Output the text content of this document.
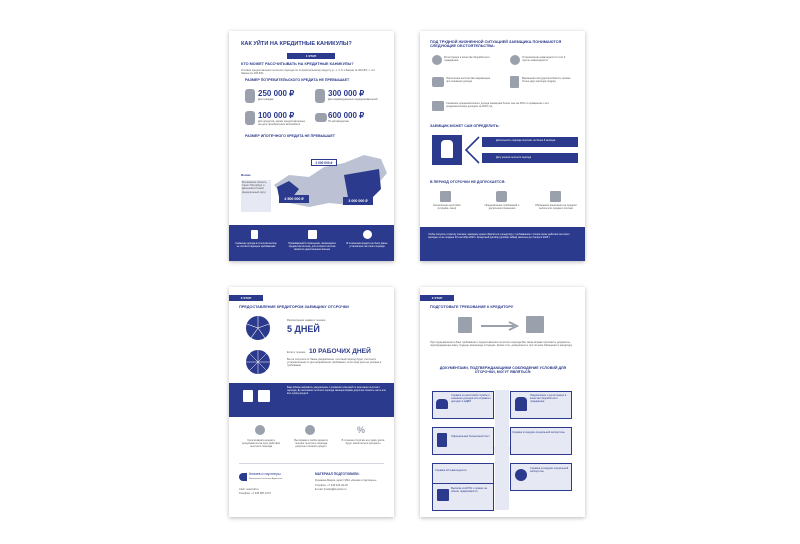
КАК УЙТИ НА КРЕДИТНЫЕ КАНИКУЛЫ?
1 ЭТАП
КТО МОЖЕТ РАССЧИТЫВАТЬ НА КРЕДИТНЫЕ КАНИКУЛЫ?
Условия предоставления льготного периода по потребительскому кредиту (ч. 1, 4, 6.1 Закона № 353-ФЗ; ч. 4.2 Закона № 106-ФЗ)
РАЗМЕР ПОТРЕБИТЕЛЬСКОГО КРЕДИТА НЕ ПРЕВЫШАЕТ
250 000 ₽
Для граждан
300 000 ₽
Для индивидуальных предпринимателей
100 000 ₽
Для кредитов, кроме предоставленных на цели приобретения автомобиля
600 000 ₽
По автокредитам
РАЗМЕР ИПОТЕЧНОГО КРЕДИТА НЕ ПРЕВЫШАЕТ
Москва
Московская область, Санкт-Петербург и Дальневосточный федеральный округ
4 500 000 ₽
2 000 000 ₽
3 000 000 ₽
Снижение дохода в отчетном месяце не соответствующем требованиям
Проживающий в помещении, являющемся предметом ипотеки, для которого ипотека является единственным жильем
В отношении кредита не было ранее установлено льготного периода
ПОД ТРУДНОЙ ЖИЗНЕННОЙ СИТУАЦИЕЙ ЗАЕМЩИКА ПОНИМАЮТСЯ СЛЕДУЮЩИЕ ОБСТОЯТЕЛЬСТВА:
Регистрация в качестве безработного гражданина
Установление инвалидности I или II группы инвалидности
Увеличение количества иждивенцев при снижении дохода
Временная нетрудоспособность сроком более двух месяцев подряд
Снижение среднемесячного дохода заемщика более чем на 30% по сравнению с его среднемесячным доходом за 2019 год
ЗАЕМЩИК МОЖЕТ САМ ОПРЕДЕЛИТЬ:
Длительность периода отсрочки: не более 6 месяцев
Дату начала льготного периода
В ПЕРИОД ОТСРОЧКИ НЕ ДОПУСКАЕТСЯ:
Начисление неустойки (штрафа, пени)
Предъявление требований о досрочном погашении
Обращение взыскания на предмет залога или предмет ипотеки
Чтобы получить отсрочку платежа, заемщику нужно обратиться к кредитору с требованием о точном сроке действия льготного периода, но не позднее 30 сентября 2020 г. Кредитный договор (договор займа) заключен до 3 апреля 2020 г.
3 ЭТАП
ПРЕДОСТАВЛЕНИЕ КРЕДИТОРОМ ЗАЕМЩИКУ ОТСРОЧКИ
Рассмотрение заявки в течение
5 ДНЕЙ
Если в течение 10 РАБОЧИХ ДНЕЙ
Вы не получили от банка уведомление, льготный период будет считаться установленным со дня направления требования, если иная дата не указана в требовании
Банк обязан направить уведомление с графиком платежей по окончании льготного периода. До окончания льготного периода заемщик вправе досрочно погасить часть или всю сумму кредита
Срок возврата кредита продлевается на срок действия льготного периода
Вы вправе в любое время в течение льготного периода досрочно погасить кредит
%
В течение отсрочки на сумму долга будут начисляться проценты
Князев и партнеры
Московская Коллегия Адвокатов
Сайт: www.kkl.ru
Телефон: +7 495 987-1670
МАТЕРИАЛ ПОДГОТОВИЛИ:
Кузьмина Мария, юрист МКА «Князев и партнеры»
Телефон: +7 916 423-04-03
E-mail: kmaria@knyazev.ru
2 ЭТАП
ПОДГОТОВЬТЕ ТРЕБОВАНИЕ К КРЕДИТОРУ
При предъявлении в банк требования о предоставлении льготного периода Вы также вправе приложить документы, подтверждающие вашу трудную жизненную ситуацию. Кроме того, доверенность при личном обращении к кредитору
ДОКУМЕНТАМИ, ПОДТВЕРЖДАЮЩИМИ СОБЛЮДЕНИЕ УСЛОВИЙ ДЛЯ ОТСРОЧКИ, МОГУТ ЯВЛЯТЬСЯ:
Справка из налоговой службы о снижении доходов или справка о доходах 2-НДФЛ
Уведомление о регистрации в качестве безработного гражданина
Официальная больничный лист
Справка из медико-социальной экспертизы
Справка об инвалидности
Справка из медико-социальной экспертизы
Выписка из ЕГРН о правах на объект недвижимости
